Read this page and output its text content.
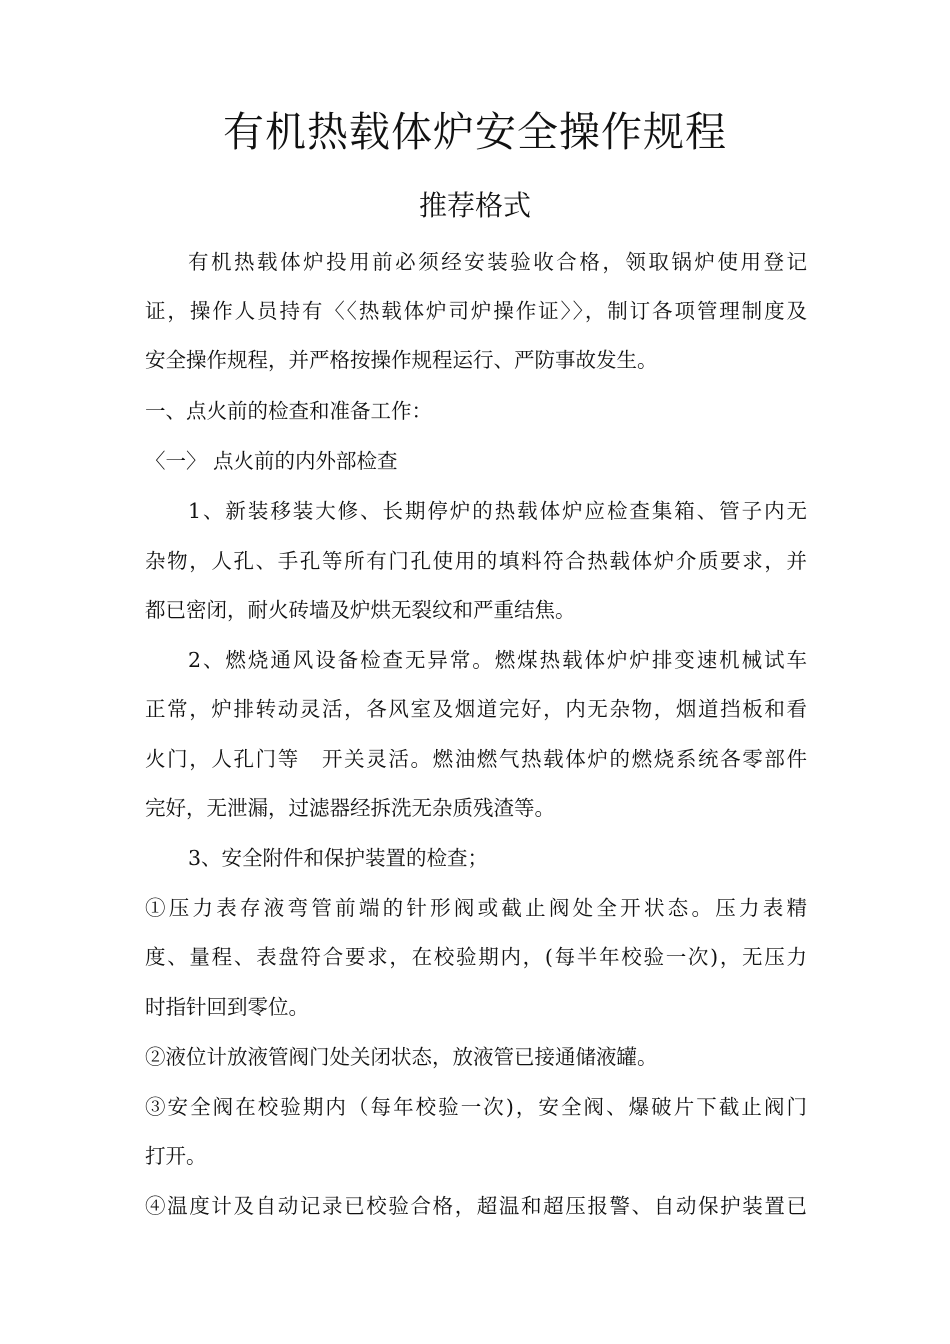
有机热载体炉安全操作规程
推荐格式
有机热载体炉投用前必须经安装验收合格，领取锅炉使用登记
证，操作人员持有〈〈热载体炉司炉操作证〉〉，制订各项管理制度及
安全操作规程，并严格按操作规程运行、严防事故发生。
一、点火前的检查和准备工作：
〈一〉 点火前的内外部检查
1、新装移装大修、长期停炉的热载体炉应检查集箱、管子内无
杂物，人孔、手孔等所有门孔使用的填料符合热载体炉介质要求，并
都已密闭，耐火砖墙及炉烘无裂纹和严重结焦。
2、燃烧通风设备检查无异常。燃煤热载体炉炉排变速机械试车
正常，炉排转动灵活，各风室及烟道完好，内无杂物，烟道挡板和看
火门，人孔门等　开关灵活。燃油燃气热载体炉的燃烧系统各零部件
完好，无泄漏，过滤器经拆洗无杂质残渣等。
3、安全附件和保护装置的检查；
①压力表存液弯管前端的针形阀或截止阀处全开状态。压力表精
度、量程、表盘符合要求，在校验期内，(每半年校验一次)，无压力
时指针回到零位。
②液位计放液管阀门处关闭状态，放液管已接通储液罐。
③安全阀在校验期内（每年校验一次)，安全阀、爆破片下截止阀门
打开。
④温度计及自动记录已校验合格，超温和超压报警、自动保护装置已
